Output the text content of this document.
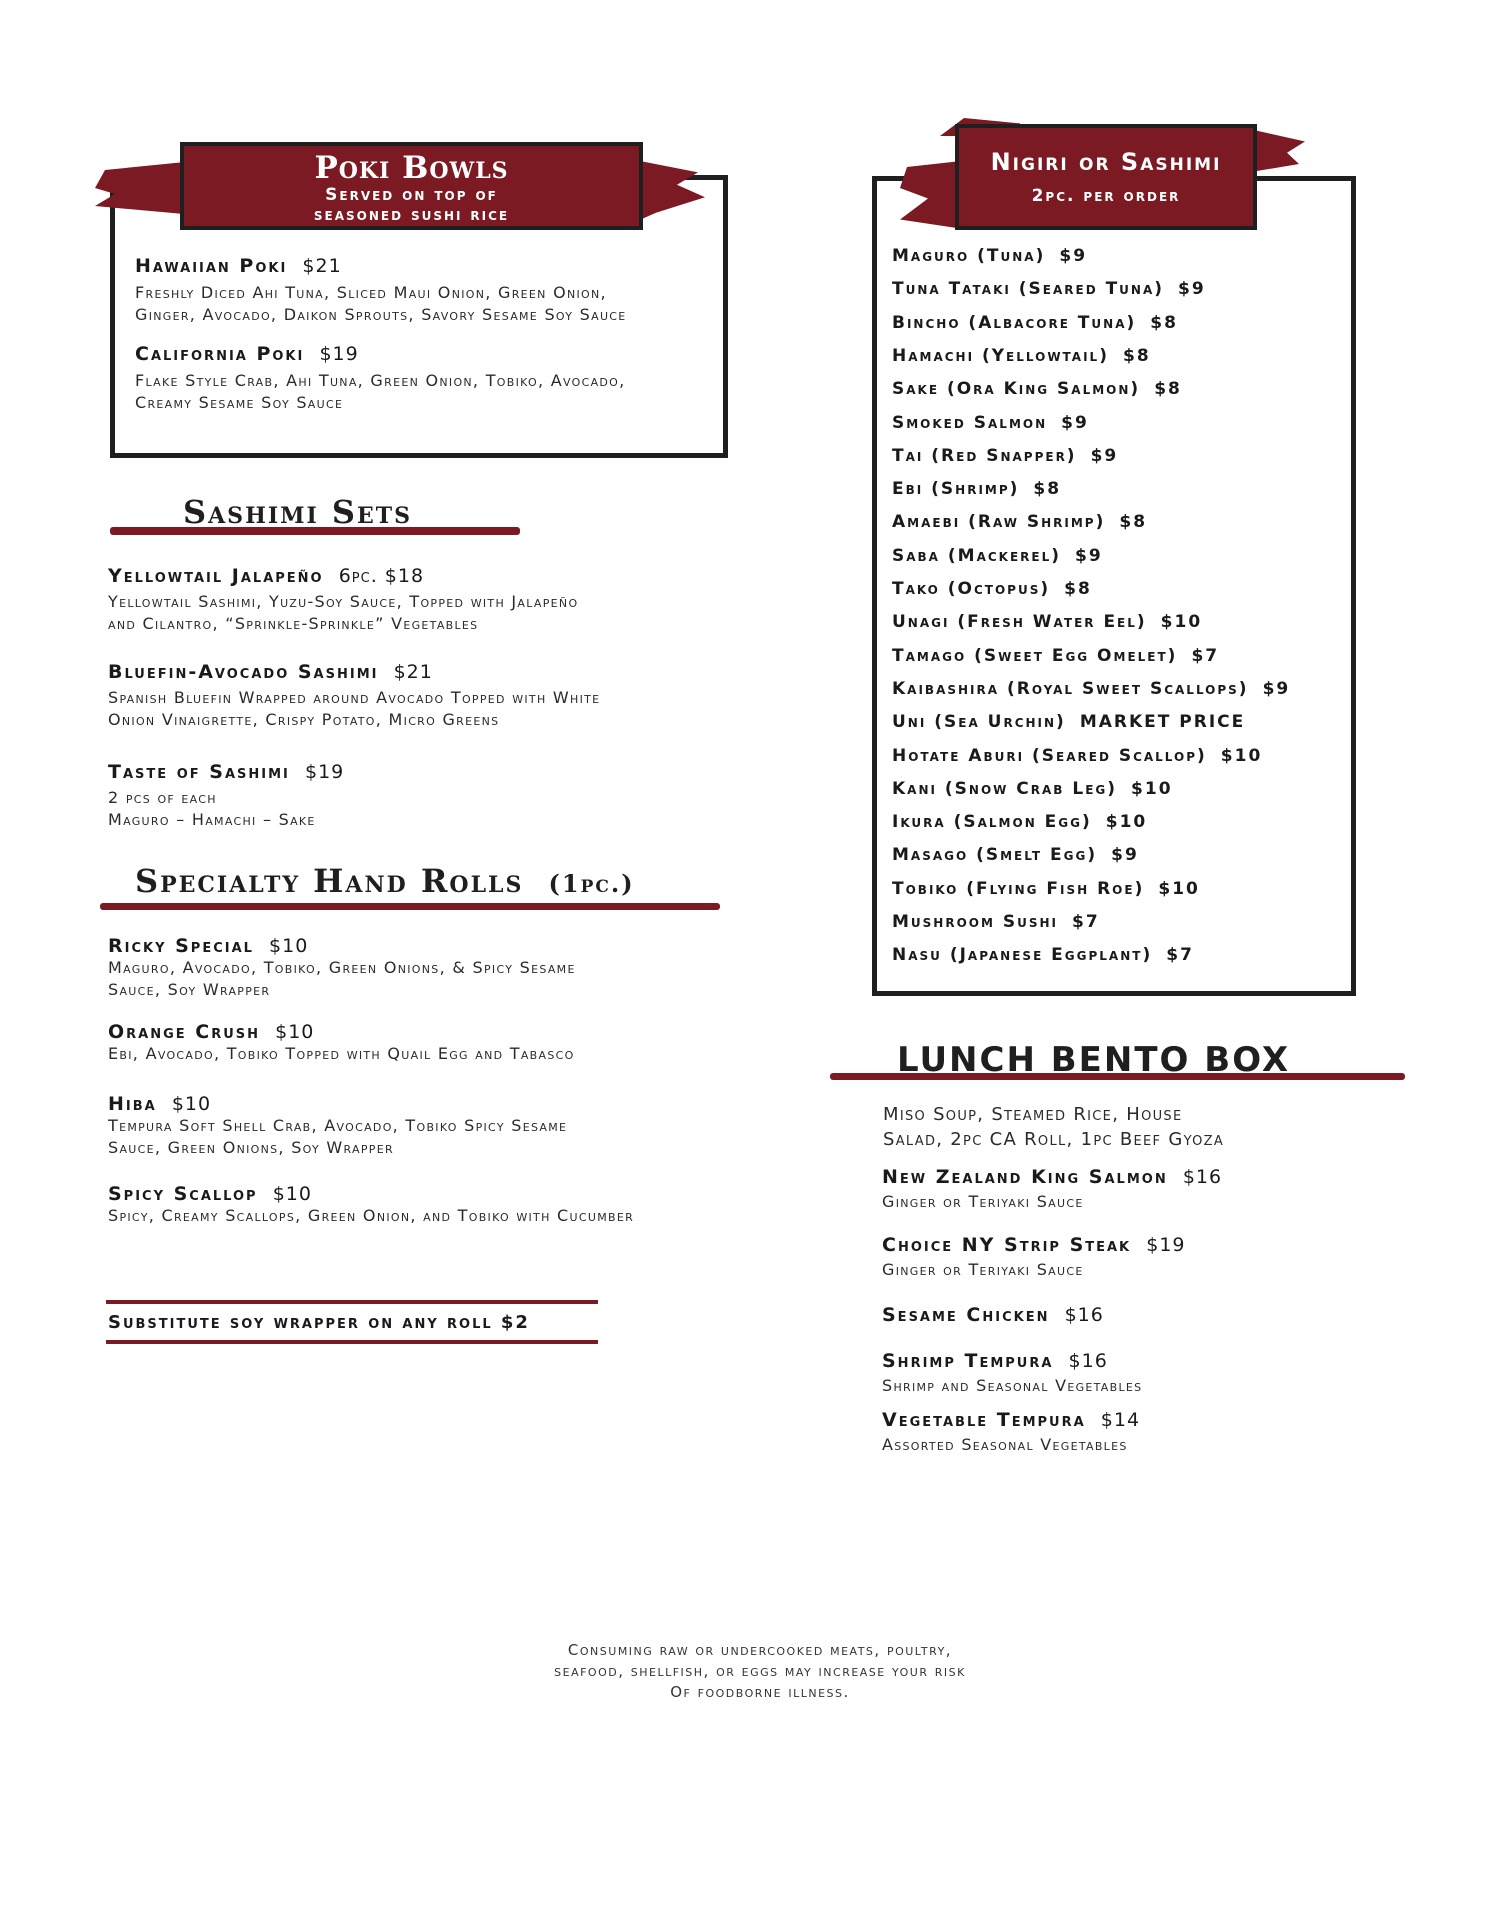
Poki Bowls
Served on top of
seasoned sushi rice
Hawaiian Poki $21
Freshly Diced Ahi Tuna, Sliced Maui Onion, Green Onion,
Ginger, Avocado, Daikon Sprouts, Savory Sesame Soy Sauce
California Poki $19
Flake Style Crab, Ahi Tuna, Green Onion, Tobiko, Avocado,
Creamy Sesame Soy Sauce
Sashimi Sets
Yellowtail Jalapeño 6pc. $18
Yellowtail Sashimi, Yuzu-Soy Sauce, Topped with Jalapeño
and Cilantro, “Sprinkle-Sprinkle” Vegetables
Bluefin-Avocado Sashimi $21
Spanish Bluefin Wrapped around Avocado Topped with White
Onion Vinaigrette, Crispy Potato, Micro Greens
Taste of Sashimi $19
2 pcs of each
Maguro – Hamachi – Sake
Specialty Hand Rolls (1pc.)
Ricky Special $10
Maguro, Avocado, Tobiko, Green Onions, & Spicy Sesame
Sauce, Soy Wrapper
Orange Crush $10
Ebi, Avocado, Tobiko Topped with Quail Egg and Tabasco
Hiba $10
Tempura Soft Shell Crab, Avocado, Tobiko Spicy Sesame
Sauce, Green Onions, Soy Wrapper
Spicy Scallop $10
Spicy, Creamy Scallops, Green Onion, and Tobiko with Cucumber
Substitute soy wrapper on any roll $2
Nigiri or Sashimi
2pc. per order
Maguro (Tuna) $9
Tuna Tataki (Seared Tuna) $9
Bincho (Albacore Tuna) $8
Hamachi (Yellowtail) $8
Sake (Ora King Salmon) $8
Smoked Salmon $9
Tai (Red Snapper) $9
Ebi (Shrimp) $8
Amaebi (Raw Shrimp) $8
Saba (Mackerel) $9
Tako (Octopus) $8
Unagi (Fresh Water Eel) $10
Tamago (Sweet Egg Omelet) $7
Kaibashira (Royal Sweet Scallops) $9
Uni (Sea Urchin) MARKET PRICE
Hotate Aburi (Seared Scallop) $10
Kani (Snow Crab Leg) $10
Ikura (Salmon Egg) $10
Masago (Smelt Egg) $9
Tobiko (Flying Fish Roe) $10
Mushroom Sushi $7
Nasu (Japanese Eggplant) $7
LUNCH BENTO BOX
Miso Soup, Steamed Rice, House
Salad, 2pc CA Roll, 1pc Beef Gyoza
New Zealand King Salmon $16
Ginger or Teriyaki Sauce
Choice NY Strip Steak $19
Ginger or Teriyaki Sauce
Sesame Chicken $16
Shrimp Tempura $16
Shrimp and Seasonal Vegetables
Vegetable Tempura $14
Assorted Seasonal Vegetables
Consuming raw or undercooked meats, poultry,
seafood, shellfish, or eggs may increase your risk
Of foodborne illness.
